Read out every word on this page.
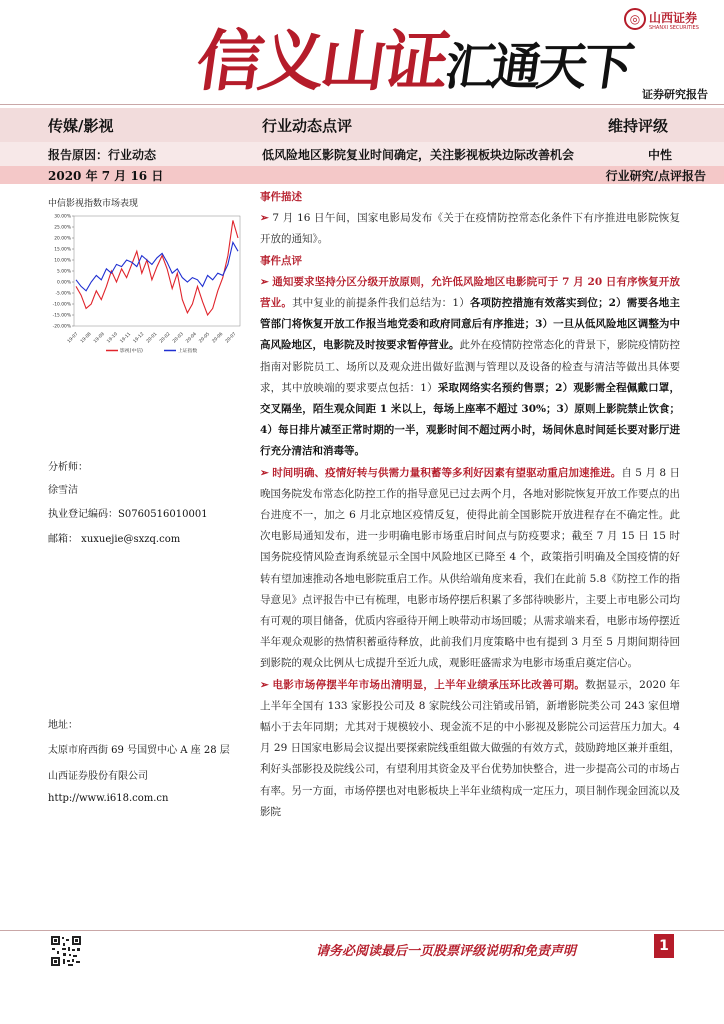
信义山证汇通天下
◎ 山西证券
SHANXI SECURITIES
证券研究报告
传媒/影视	行业动态点评	维持评级
报告原因：行业动态	低风险地区影院复业时间确定，关注影视板块边际改善机会	中性
2020 年 7 月 16 日	行业研究/点评报告
中信影视指数市场表现
30.00%
25.00%
20.00%
15.00%
10.00%
5.00%
0.00%
-5.00%
-10.00%
-15.00%
-20.00%
19-07 19-08 19-09 19-10 19-11 19-12 20-01 20-02 20-03 20-04 20-05 20-06 20-07
影视(中信)	上证指数
分析师：
徐雪洁
执业登记编码：S0760516010001
邮箱： xuxuejie@sxzq.com
地址：
太原市府西街 69 号国贸中心 A 座 28 层
山西证券股份有限公司
http://www.i618.com.cn

事件描述

➢ 7 月 16 日午间，国家电影局发布《关于在疫情防控常态化条件下有序推进电影院恢复开放的通知》。

事件点评

➢ 通知要求坚持分区分级开放原则，允许低风险地区电影院可于 7 月 20 日有序恢复开放营业。其中复业的前提条件我们总结为：1）各项防控措施有效落实到位；2）需要各地主管部门将恢复开放工作报当地党委和政府同意后有序推进；3）一旦从低风险地区调整为中高风险地区，电影院及时按要求暂停营业。此外在疫情防控常态化的背景下，影院疫情防控指南对影院员工、场所以及观众进出做好监测与管理以及设备的检查与清洁等做出具体要求，其中放映端的要求要点包括：1）采取网络实名预约售票；2）观影需全程佩戴口罩，交叉隔坐，陌生观众间距 1 米以上，每场上座率不超过 30%；3）原则上影院禁止饮食；4）每日排片减至正常时期的一半，观影时间不超过两小时，场间休息时间延长要对影厅进行充分清洁和消毒等。

➢ 时间明确、疫情好转与供需力量积蓄等多利好因素有望驱动重启加速推进。自 5 月 8 日晚国务院发布常态化防控工作的指导意见已过去两个月，各地对影院恢复开放工作要点的出台进度不一，加之 6 月北京地区疫情反复，使得此前全国影院开放进程存在不确定性。此次电影局通知发布，进一步明确电影市场重启时间点与防疫要求；截至 7 月 15 日 15 时国务院疫情风险查询系统显示全国中风险地区已降至 4 个，政策指引明确及全国疫情的好转有望加速推动各地电影院重启工作。从供给端角度来看，我们在此前 5.8《防控工作的指导意见》点评报告中已有梳理，电影市场停摆后积累了多部待映影片，主要上市电影公司均有可观的项目储备，优质内容亟待开闸上映带动市场回暖；从需求端来看，电影市场停摆近半年观众观影的热情积蓄亟待释放，此前我们月度策略中也有提到 3 月至 5 月期间期待回到影院的观众比例从七成提升至近九成，观影旺盛需求为电影市场重启奠定信心。

➢ 电影市场停摆半年市场出清明显，上半年业绩承压环比改善可期。数据显示，2020 年上半年全国有 133 家影投公司及 8 家院线公司注销或吊销，新增影院类公司 243 家但增幅小于去年同期；尤其对于规模较小、现金流不足的中小影视及影院公司运营压力加大。4 月 29 日国家电影局会议提出要探索院线重组做大做强的有效方式，鼓励跨地区兼并重组，利好头部影投及院线公司，有望利用其资金及平台优势加快整合，进一步提高公司的市场占有率。另一方面，市场停摆也对电影板块上半年业绩构成一定压力，项目制作现金回流以及影院

请务必阅读最后一页股票评级说明和免责声明	1
